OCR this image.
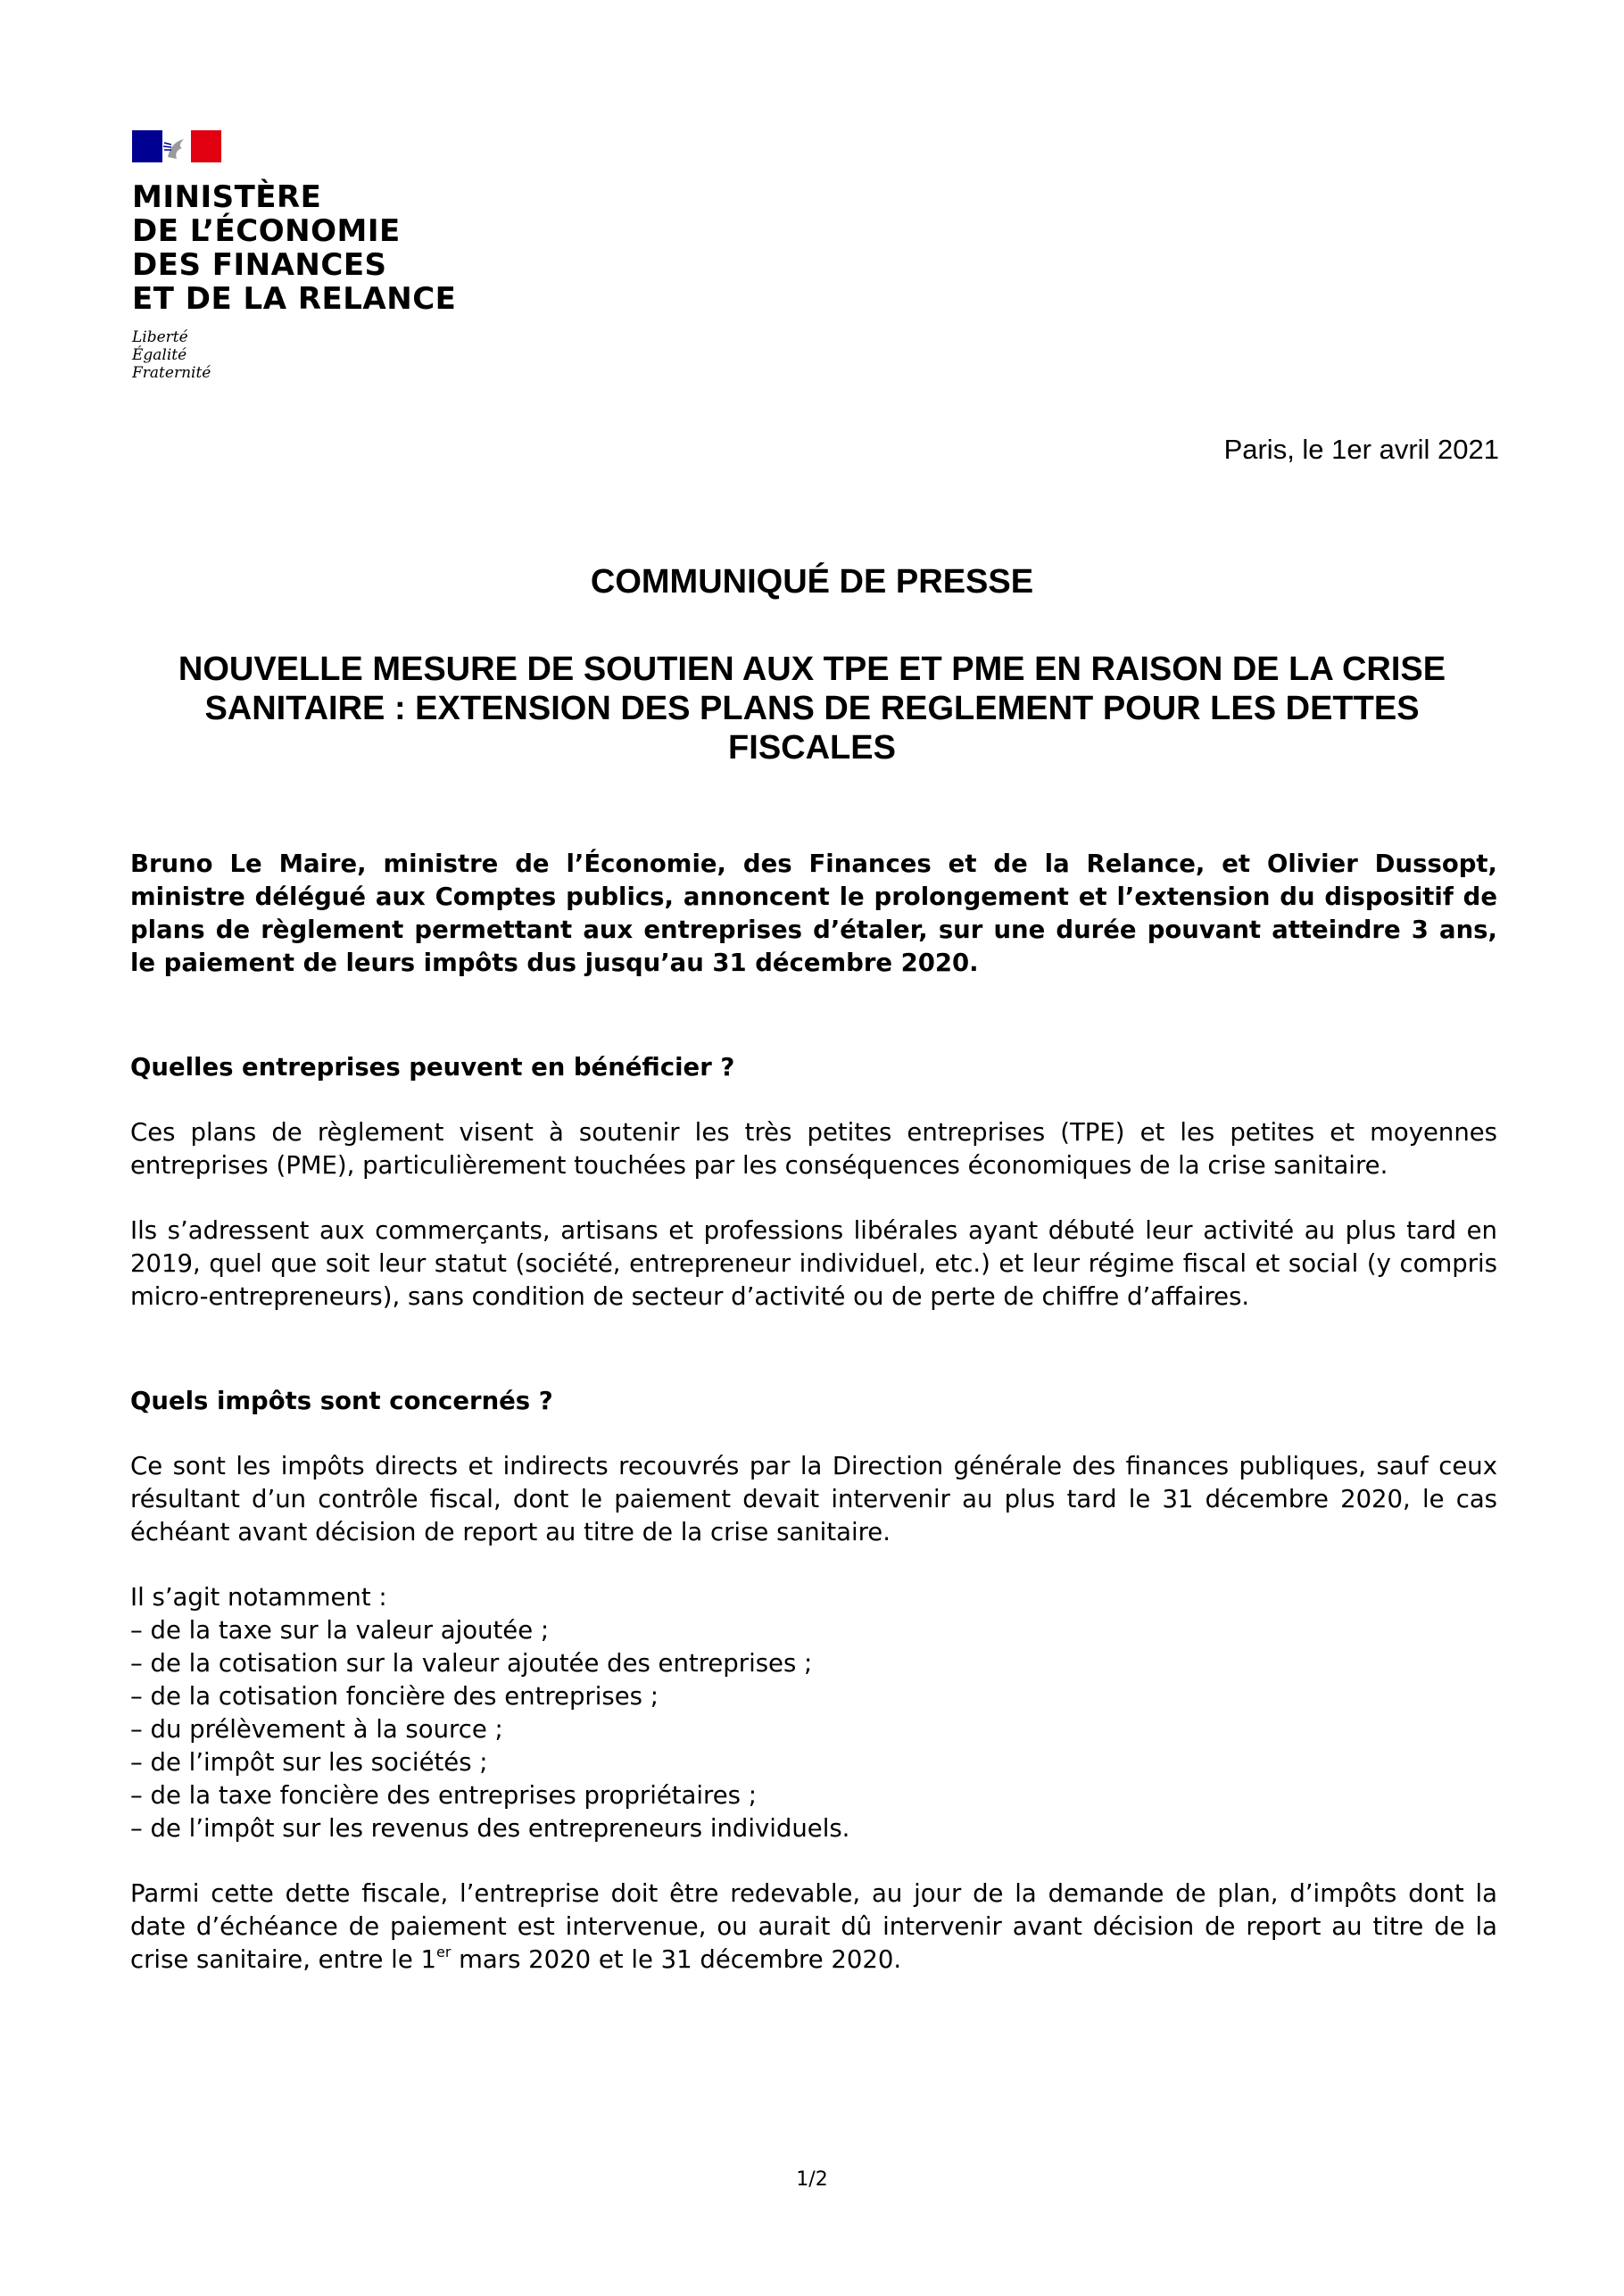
MINISTÈRE
DE L’ÉCONOMIE
DES FINANCES
ET DE LA RELANCE
Liberté
Égalité
Fraternité
Paris, le 1er avril 2021
COMMUNIQUÉ DE PRESSE
NOUVELLE MESURE DE SOUTIEN AUX TPE ET PME EN RAISON DE LA CRISE SANITAIRE : EXTENSION DES PLANS DE REGLEMENT POUR LES DETTES FISCALES

Bruno Le Maire, ministre de l’Économie, des Finances et de la Relance, et Olivier Dussopt, ministre délégué aux Comptes publics, annoncent le prolongement et l’extension du dispositif de plans de règlement permettant aux entreprises d’étaler, sur une durée pouvant atteindre 3 ans, le paiement de leurs impôts dus jusqu’au 31 décembre 2020.

Quelles entreprises peuvent en bénéficier ?

Ces plans de règlement visent à soutenir les très petites entreprises (TPE) et les petites et moyennes entreprises (PME), particulièrement touchées par les conséquences économiques de la crise sanitaire.

Ils s’adressent aux commerçants, artisans et professions libérales ayant débuté leur activité au plus tard en 2019, quel que soit leur statut (société, entrepreneur individuel, etc.) et leur régime fiscal et social (y compris micro-entrepreneurs), sans condition de secteur d’activité ou de perte de chiffre d’affaires.

Quels impôts sont concernés ?

Ce sont les impôts directs et indirects recouvrés par la Direction générale des finances publiques, sauf ceux résultant d’un contrôle fiscal, dont le paiement devait intervenir au plus tard le 31 décembre 2020, le cas échéant avant décision de report au titre de la crise sanitaire.

Il s’agit notamment :

– de la taxe sur la valeur ajoutée ;
– de la cotisation sur la valeur ajoutée des entreprises ;
– de la cotisation foncière des entreprises ;
– du prélèvement à la source ;
– de l’impôt sur les sociétés ;
– de la taxe foncière des entreprises propriétaires ;
– de l’impôt sur les revenus des entrepreneurs individuels.

Parmi cette dette fiscale, l’entreprise doit être redevable, au jour de la demande de plan, d’impôts dont la date d’échéance de paiement est intervenue, ou aurait dû intervenir avant décision de report au titre de la crise sanitaire, entre le 1er mars 2020 et le 31 décembre 2020.

1/2
